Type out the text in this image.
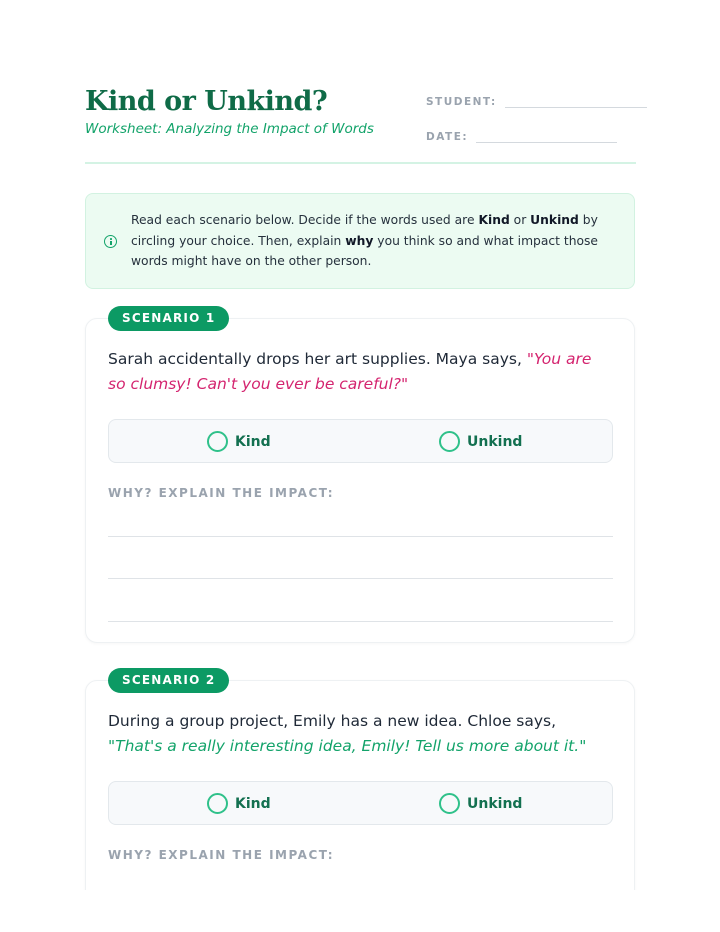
Kind or Unkind?
Worksheet: Analyzing the Impact of Words
STUDENT:
DATE:

Read each scenario below. Decide if the words used are Kind or Unkind by circling your choice. Then, explain why you think so and what impact those words might have on the other person.

SCENARIO 1

Sarah accidentally drops her art supplies. Maya says, "You are so clumsy! Can't you ever be careful?"

Kind	Unkind
WHY? EXPLAIN THE IMPACT:
SCENARIO 2

During a group project, Emily has a new idea. Chloe says, "That's a really interesting idea, Emily! Tell us more about it."

Kind	Unkind
WHY? EXPLAIN THE IMPACT:
